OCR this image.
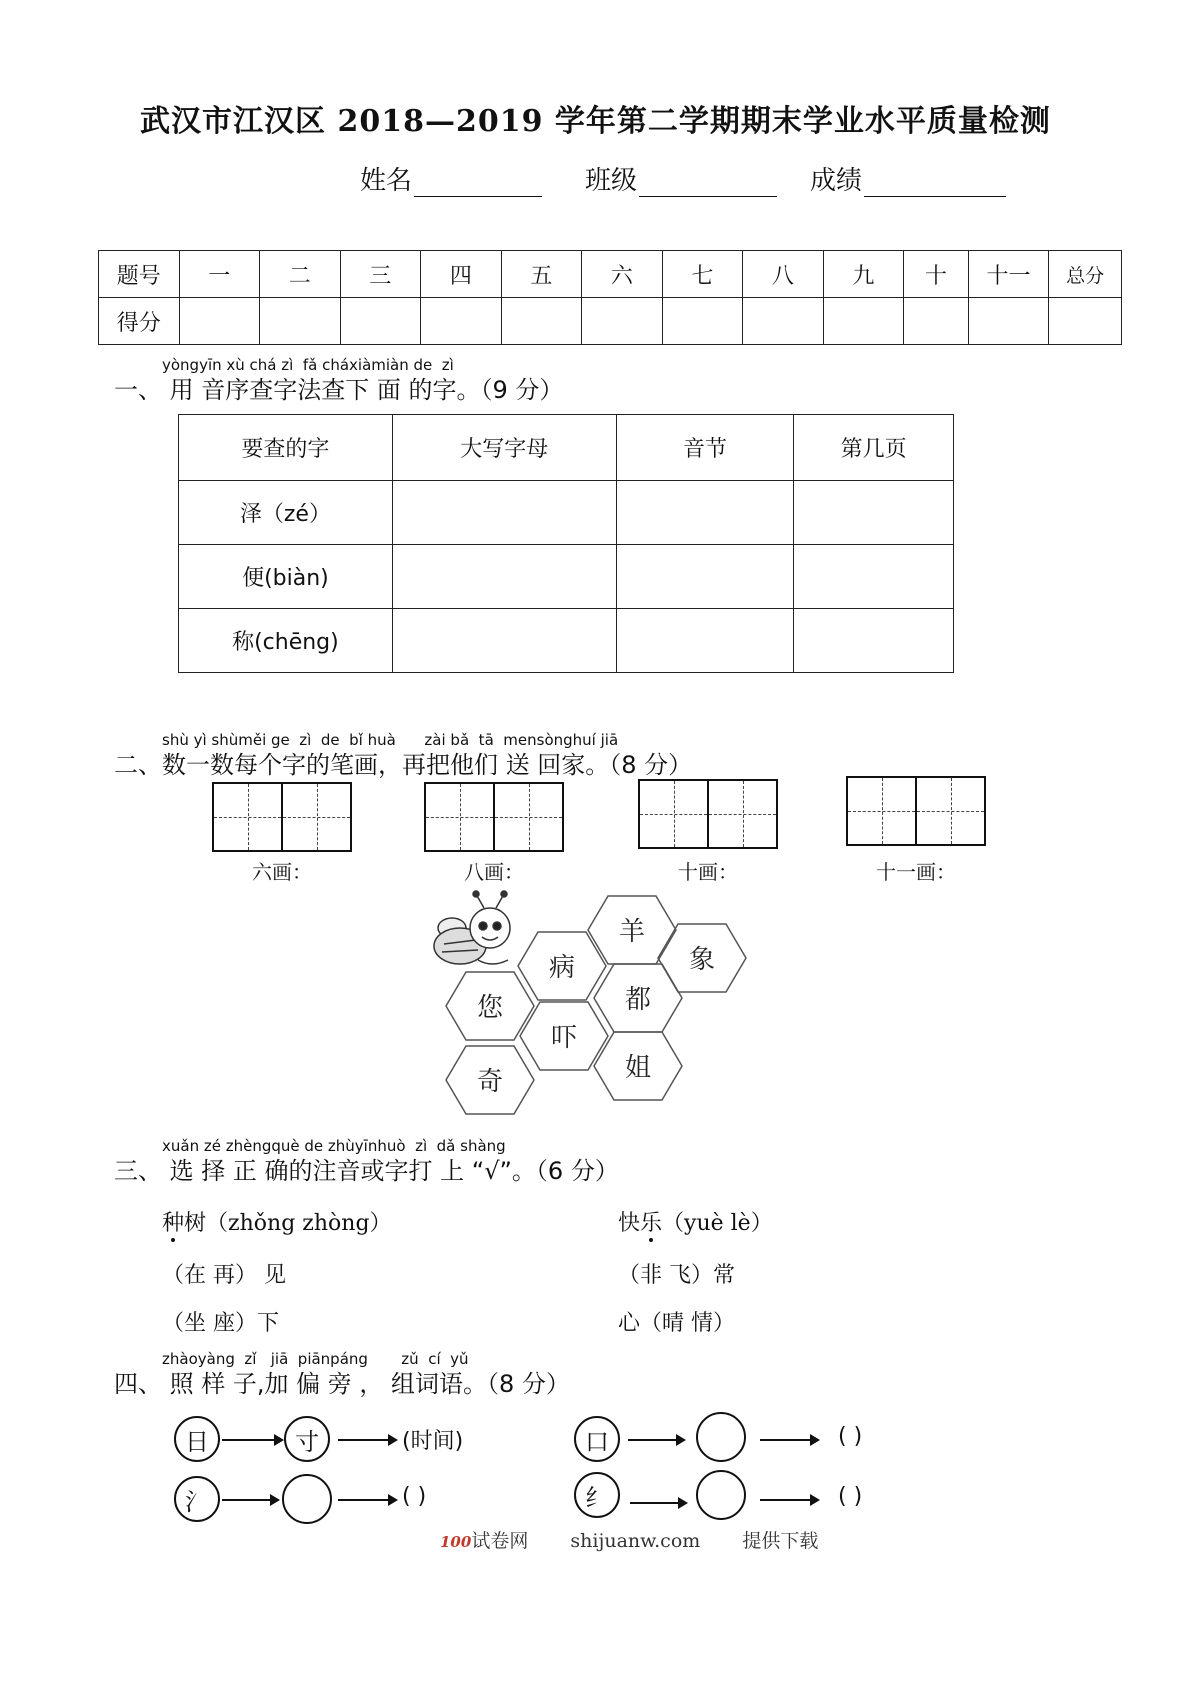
武汉市江汉区 2018—2019 学年第二学期期末学业水平质量检测
姓名	班级	成绩
题号	一	二	三	四	五	六	七	八	九	十	十一	总分
得分												
yòngyīn xù chá zì  fǎ cháxiàmiàn de  zì
一、 用 音序查字法查下 面 的字。（9 分）
要查的字	大写字母	音节	第几页
泽（zé）			
便(biàn)			
称(chēng)			
shù yì shùměi ge  zì  de  bǐ huà      zài bǎ  tā  mensònghuí jiā
二、数一数每个字的笔画，再把他们 送 回家。（8 分）
六画：	八画：	十画：	十一画：
羊
病	象
都
您
吓
奇	姐
xuǎn zé zhèngquè de zhùyīnhuò  zì  dǎ shàng
三、 选 择 正 确的注音或字打 上 “√”。（6 分）
种树（zhǒng zhòng）	快乐（yuè lè）
（在 再） 见	（非 飞）常
（坐 座）下	心（晴 情）
zhàoyàng  zǐ   jiā  piānpáng       zǔ  cí  yǔ
四、 照 样 子,加 偏 旁 ， 组词语。（8 分）
日	寸	(时间)	口	( )
氵	( )	纟	( )
100试卷网 shijuanw.com 提供下载
